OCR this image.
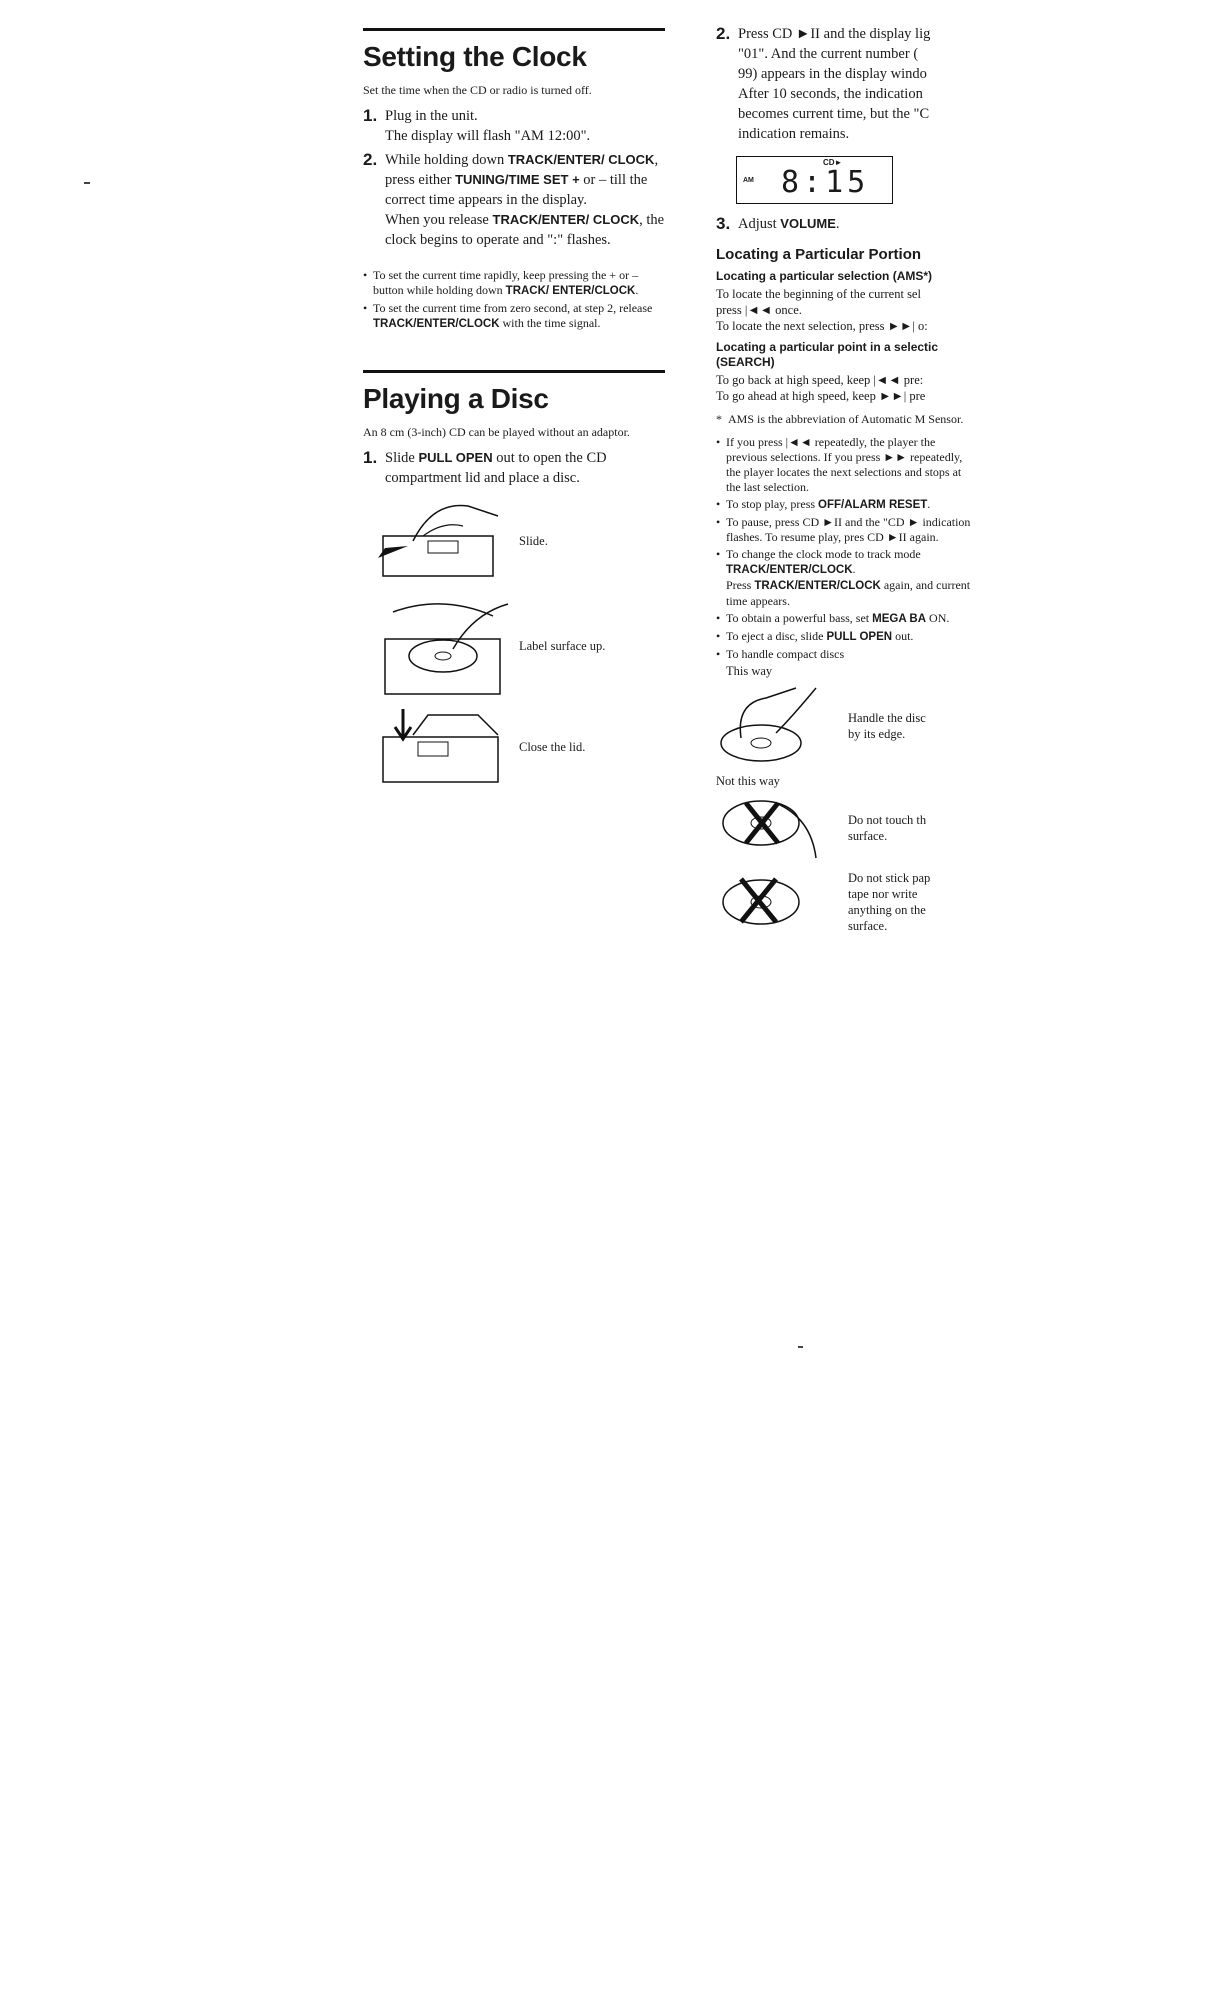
Setting the Clock

Set the time when the CD or radio is turned off.

1. Plug in the unit.

The display will flash "AM 12:00".

2. While holding down TRACK/ENTER/ CLOCK, press either TUNING/TIME SET + or – till the correct time appears in the display.

When you release TRACK/ENTER/ CLOCK, the clock begins to operate and ":" flashes.

• To set the current time rapidly, keep pressing the + or – button while holding down TRACK/ ENTER/CLOCK.
• To set the current time from zero second, at step 2, release TRACK/ENTER/CLOCK with the time signal.
Playing a Disc

An 8 cm (3-inch) CD can be played without an adaptor.

1. Slide PULL OPEN out to open the CD compartment lid and place a disc.

Slide.
Label surface up.
Close the lid.
2. Press CD ►II and the display lig

"01". And the current number (

99) appears in the display windo

After 10 seconds, the indication

becomes current time, but the "C

indication remains.

AM
CD►
8:15
3. Adjust VOLUME.

Locating a Particular Portion
Locating a particular selection (AMS*)

To locate the beginning of the current sel

press |◄◄ once.

To locate the next selection, press ►►| o:

Locating a particular point in a selectic (SEARCH)

To go back at high speed, keep |◄◄ pre:

To go ahead at high speed, keep ►►| pre

* AMS is the abbreviation of Automatic M Sensor.

• If you press |◄◄ repeatedly, the player the previous selections. If you press ►► repeatedly, the player locates the next selections and stops at the last selection.
• To stop play, press OFF/ALARM RESET.
• To pause, press CD ►II and the "CD ► indication flashes. To resume play, pres CD ►II again.
• To change the clock mode to track mode TRACK/ENTER/CLOCK.
Press TRACK/ENTER/CLOCK again, and current time appears.
• To obtain a powerful bass, set MEGA BA ON.
• To eject a disc, slide PULL OPEN out.
• To handle compact discs

This way

Handle the disc
by its edge.

Not this way

Do not touch th
surface.
Do not stick pap
tape nor write
anything on the
surface.
